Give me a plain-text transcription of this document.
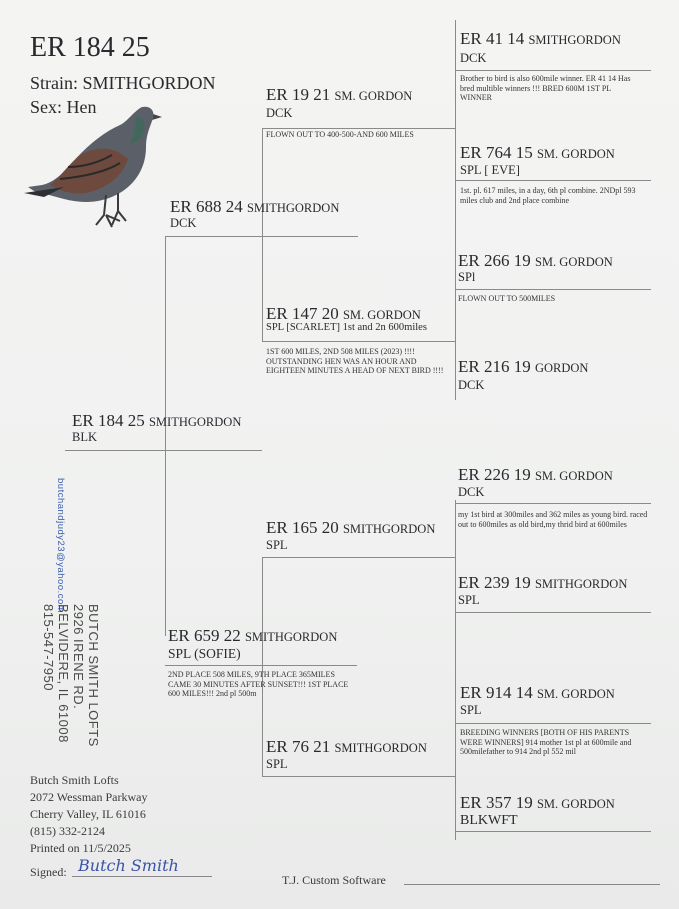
ER 184 25
Strain: SMITHGORDON
Sex: Hen
ER 184 25 SMITHGORDON
BLK
ER 688 24 SMITHGORDON
DCK
ER 659 22 SMITHGORDON
SPL (SOFIE)
2ND PLACE 508 MILES, 9TH PLACE 365MILES CAME 30 MINUTES AFTER SUNSET!!! 1ST PLACE 600 MILES!!! 2nd pl 500m
ER 19 21 SM. GORDON
DCK
FLOWN OUT TO 400-500-AND 600 MILES
ER 147 20 SM. GORDON
SPL [SCARLET] 1st and 2n 600miles
1ST 600 MILES, 2ND 508 MILES (2023) !!!! OUTSTANDING HEN WAS AN HOUR AND EIGHTEEN MINUTES A HEAD OF NEXT BIRD !!!!
ER 165 20 SMITHGORDON
SPL
ER 76 21 SMITHGORDON
SPL
ER 41 14 SMITHGORDON
DCK
Brother to bird is also 600mile winner. ER 41 14 Has bred multible winners !!! BRED 600M 1ST PL WINNER
ER 764 15 SM. GORDON
SPL [ EVE]
1st. pl. 617 miles, in a day, 6th pl combine. 2NDpl 593 miles club and 2nd place combine
ER 266 19 SM. GORDON
SPl
FLOWN OUT TO 500MILES
ER 216 19 GORDON
DCK
ER 226 19 SM. GORDON
DCK
my 1st bird at 300miles and 362 miles as young bird. raced out to 600miles as old bird,my thrid bird at 600miles
ER 239 19 SMITHGORDON
SPL
ER 914 14 SM. GORDON
SPL
BREEDING WINNERS [BOTH OF HIS PARENTS WERE WINNERS] 914 mother 1st pl at 600mile and 500milefather to 914 2nd pl 552 mil
ER 357 19 SM. GORDON
BLKWFT
butchandjudy23@yahoo.com
BUTCH SMITH LOFTS
2926 IRENE RD.
BELVIDERE, IL 61008
815-547-7950
Butch Smith Lofts
2072 Wessman Parkway
Cherry Valley, IL 61016
(815) 332-2124
Printed on 11/5/2025
Signed: Butch Smith
T.J. Custom Software
